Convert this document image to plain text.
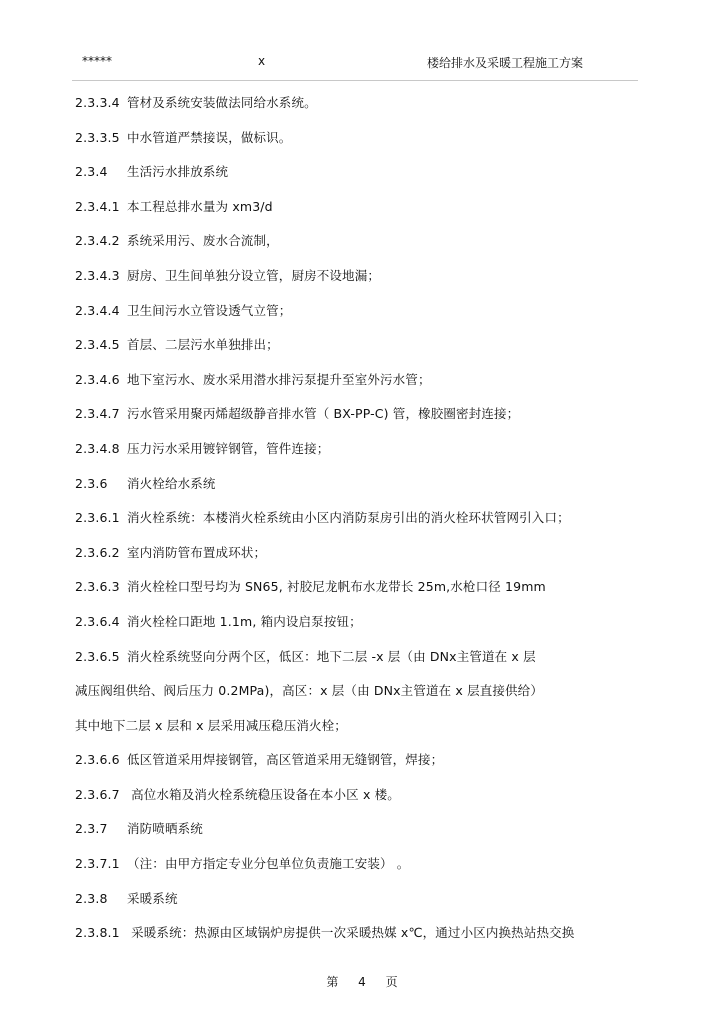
*****	x	楼给排水及采暖工程施工方案
2.3.3.4 管材及系统安装做法同给水系统。
2.3.3.5 中水管道严禁接误，做标识。
2.3.4 生活污水排放系统
2.3.4.1 本工程总排水量为 xm3/d
2.3.4.2 系统采用污、废水合流制，
2.3.4.3 厨房、卫生间单独分设立管，厨房不设地漏；
2.3.4.4 卫生间污水立管设透气立管；
2.3.4.5 首层、二层污水单独排出；
2.3.4.6 地下室污水、废水采用潜水排污泵提升至室外污水管；
2.3.4.7 污水管采用聚丙烯超级静音排水管（ BX-PP-C) 管，橡胶圈密封连接；
2.3.4.8 压力污水采用镀锌钢管，管件连接；
2.3.6 消火栓给水系统
2.3.6.1 消火栓系统：本楼消火栓系统由小区内消防泵房引出的消火栓环状管网引入口；
2.3.6.2 室内消防管布置成环状；
2.3.6.3 消火栓栓口型号均为 SN65, 衬胶尼龙帆布水龙带长 25m,水枪口径 19mm
2.3.6.4 消火栓栓口距地 1.1m, 箱内设启泵按钮；
2.3.6.5 消火栓系统竖向分两个区，低区：地下二层 -x 层（由 DNx主管道在 x 层
减压阀组供给、阀后压力 0.2MPa)，高区：x 层（由 DNx主管道在 x 层直接供给）
其中地下二层 x 层和 x 层采用减压稳压消火栓；
2.3.6.6 低区管道采用焊接钢管，高区管道采用无缝钢管，焊接；
2.3.6.7 高位水箱及消火栓系统稳压设备在本小区 x 楼。
2.3.7 消防喷晒系统
2.3.7.1 （注：由甲方指定专业分包单位负责施工安装） 。
2.3.8 采暖系统
2.3.8.1 采暖系统：热源由区域锅炉房提供一次采暖热媒 x℃，通过小区内换热站热交换
第 4 页
